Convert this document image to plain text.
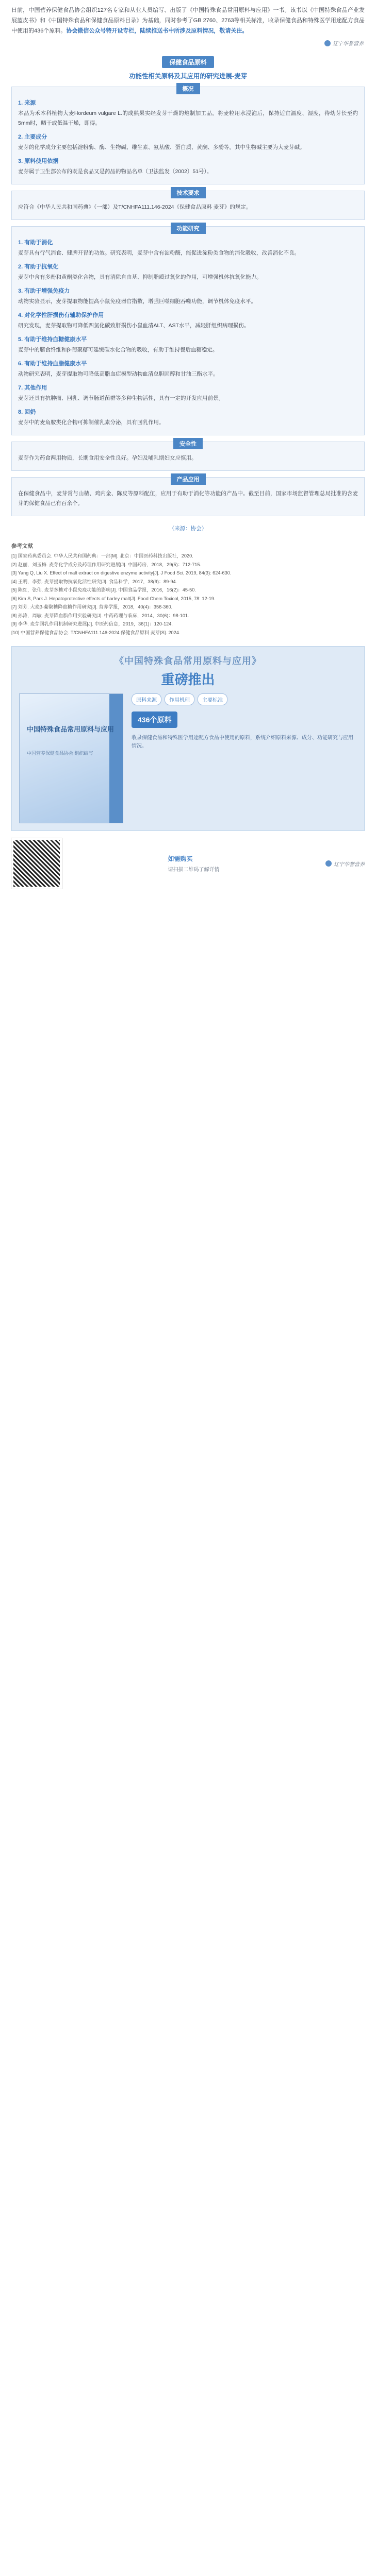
日前，中国营养保健食品协会组织127名专家和从业人员编写、出版了《中国特殊食品常用原料与应用》一书。该书以《中国特殊食品产业发展蓝皮书》和《中国特殊食品和保健食品原料目录》为基础，同时参考了GB 2760、2763等相关标准，收录保健食品和特殊医学用途配方食品中使用的436个原料。协会微信公众号特开设专栏，陆续推送书中所涉及原料情况，敬请关注。

辽宁华誉营养
保健食品原料
功能性相关原料及其应用的研究进展-麦芽
概况
1. 来源

本品为禾本科植物大麦Hordeum vulgare L.的成熟果实经发芽干燥的炮制加工品。将麦粒用水浸泡后，保持适宜温度、湿度，待幼芽长至约5mm时，晒干或低温干燥，即得。

2. 主要成分

麦芽的化学成分主要包括淀粉酶、酶、生物碱、维生素、氨基酸、蛋白质、黄酮、多酚等。其中生物碱主要为大麦芽碱。

3. 原料使用依据

麦芽属于卫生部公布的既是食品又是药品的物品名单（卫法监发〔2002〕51号）。

技术要求

应符合《中华人民共和国药典》（一部）及T/CNHFA111.146-2024《保健食品原料 麦芽》的规定。

功能研究
1. 有助于消化

麦芽具有行气消食、健脾开胃的功效。研究表明，麦芽中含有淀粉酶，能促进淀粉类食物的消化吸收，改善消化不良。

2. 有助于抗氧化

麦芽中含有多酚和黄酮类化合物，具有清除自由基、抑制脂质过氧化的作用，可增强机体抗氧化能力。

3. 有助于增强免疫力

动物实验显示，麦芽提取物能提高小鼠免疫器官指数，增强巨噬细胞吞噬功能，调节机体免疫水平。

4. 对化学性肝损伤有辅助保护作用

研究发现，麦芽提取物可降低四氯化碳致肝损伤小鼠血清ALT、AST水平，减轻肝组织病理损伤。

5. 有助于维持血糖健康水平

麦芽中的膳食纤维和β-葡聚糖可延缓碳水化合物的吸收，有助于维持餐后血糖稳定。

6. 有助于维持血脂健康水平

动物研究表明，麦芽提取物可降低高脂血症模型动物血清总胆固醇和甘油三酯水平。

7. 其他作用

麦芽还具有抗肿瘤、回乳、调节肠道菌群等多种生物活性，具有一定的开发应用前景。

8. 回奶

麦芽中的麦角胺类化合物可抑制催乳素分泌，具有回乳作用。

安全性

麦芽作为药食两用物质，长期食用安全性良好。孕妇及哺乳期妇女应慎用。

产品应用

在保健食品中，麦芽常与山楂、鸡内金、陈皮等原料配伍，应用于有助于消化等功能的产品中。截至目前，国家市场监督管理总局批准的含麦芽的保健食品已有百余个。

（来源：协会）
参考文献
[1] 国家药典委员会. 中华人民共和国药典：一部[M]. 北京：中国医药科技出版社，2020.
[2] 赵丽，刘玉梅. 麦芽化学成分及药理作用研究进展[J]. 中国药房，2018，29(5)：712-715.
[3] Yang Q, Liu X. Effect of malt extract on digestive enzyme activity[J]. J Food Sci, 2019, 84(3): 624-630.
[4] 王明，李强. 麦芽提取物抗氧化活性研究[J]. 食品科学，2017，38(9)：89-94.
[5] 陈红，张伟. 麦芽多糖对小鼠免疫功能的影响[J]. 中国食品学报，2016，16(2)：45-50.
[6] Kim S, Park J. Hepatoprotective effects of barley malt[J]. Food Chem Toxicol, 2015, 78: 12-19.
[7] 刘芳. 大麦β-葡聚糖降血糖作用研究[J]. 营养学报，2018，40(4)：356-360.
[8] 孙涛，周敏. 麦芽降血脂作用实验研究[J]. 中药药理与临床，2014，30(6)：98-101.
[9] 李华. 麦芽回乳作用机制研究进展[J]. 中医药信息，2019，36(1)：120-124.
[10] 中国营养保健食品协会. T/CNHFA111.146-2024 保健食品原料 麦芽[S]. 2024.
《中国特殊食品常用原料与应用》
重磅推出
中国特殊食品常用原料与应用
中国营养保健食品协会 组织编写
原料来源	作用机理	主要标准
436个原料
收录保健食品和特殊医学用途配方食品中使用的原料，系统介绍原料来源、成分、功能研究与应用情况。
如需购买
请扫描二维码了解详情
辽宁华誉营养
